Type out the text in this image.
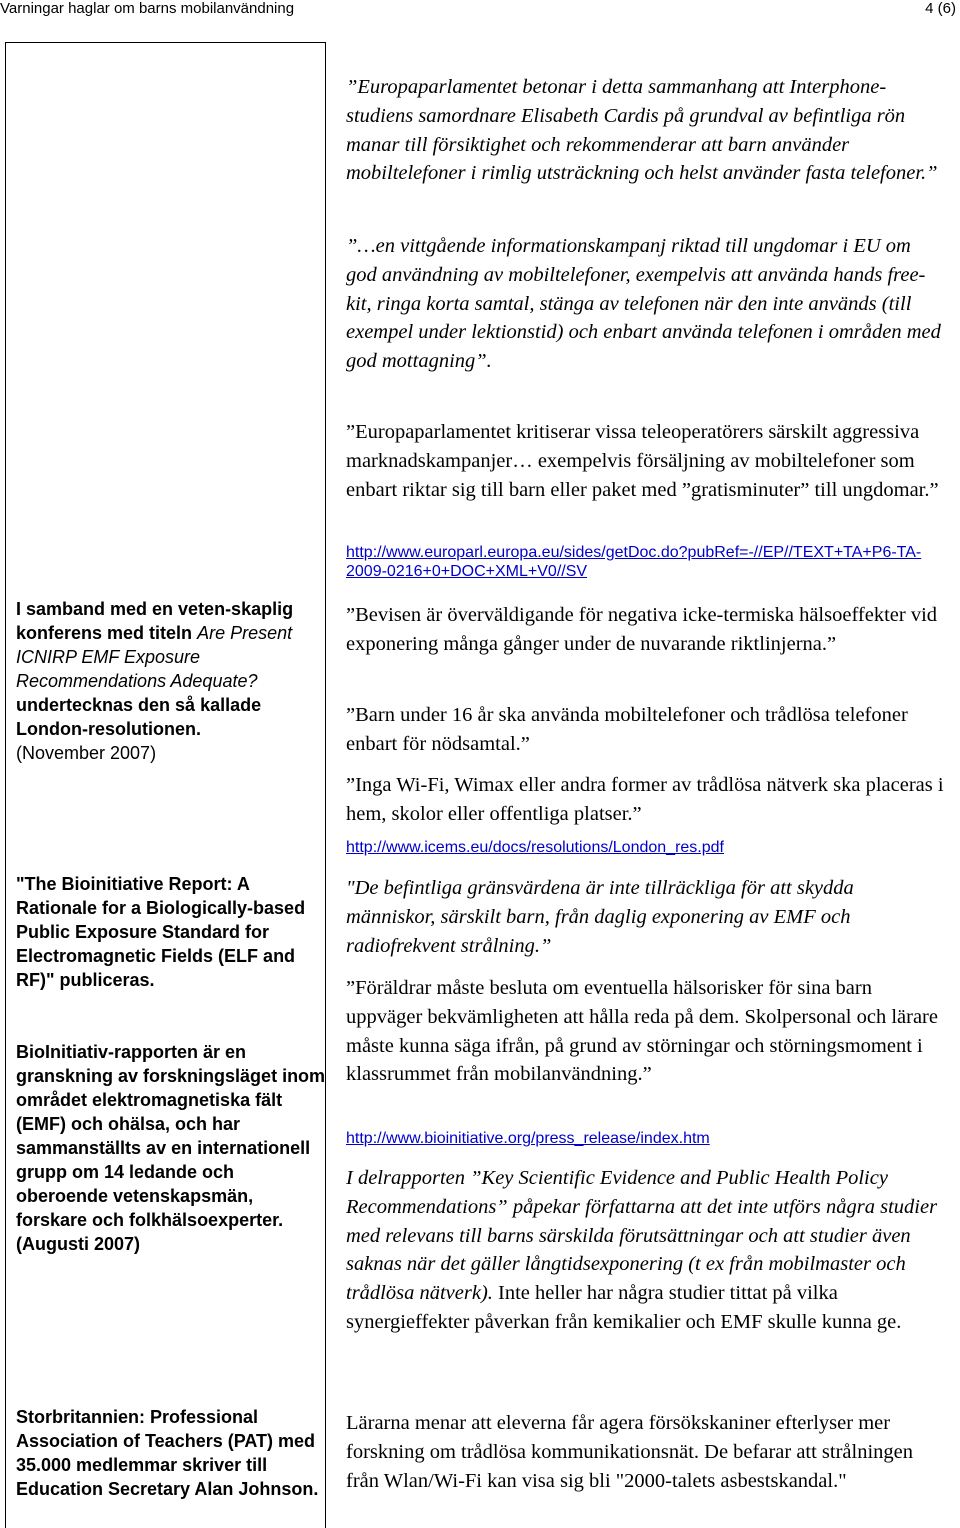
Varningar haglar om barns mobilanvändning	4 (6)
I samband med en veten-skaplig konferens med titeln Are Present ICNIRP EMF Exposure Recommendations Adequate? undertecknas den så kallade London-resolutionen.
(November 2007)
"The Bioinitiative Report: A Rationale for a Biologically-based Public Exposure Standard for Electromagnetic Fields (ELF and RF)" publiceras.
BioInitiativ-rapporten är en granskning av forskningsläget inom området elektromagnetiska fält (EMF) och ohälsa, och har sammanställts av en internationell grupp om 14 ledande och oberoende vetenskapsmän, forskare och folkhälsoexperter.
(Augusti 2007)
Storbritannien: Professional Association of Teachers (PAT) med 35.000 medlemmar skriver till Education Secretary Alan Johnson.
”Europaparlamentet betonar i detta sammanhang att Interphone-studiens samordnare Elisabeth Cardis på grundval av befintliga rön manar till försiktighet och rekommenderar att barn använder mobiltelefoner i rimlig utsträckning och helst använder fasta telefoner.”
”…en vittgående informationskampanj riktad till ungdomar i EU om god användning av mobiltelefoner, exempelvis att använda hands free-kit, ringa korta samtal, stänga av telefonen när den inte används (till exempel under lektionstid) och enbart använda telefonen i områden med god mottagning”.
”Europaparlamentet kritiserar vissa teleoperatörers särskilt aggressiva marknadskampanjer… exempelvis försäljning av mobiltelefoner som enbart riktar sig till barn eller paket med ”gratisminuter” till ungdomar.”
http://www.europarl.europa.eu/sides/getDoc.do?pubRef=-//EP//TEXT+TA+P6-TA-2009-0216+0+DOC+XML+V0//SV
”Bevisen är överväldigande för negativa icke-termiska hälsoeffekter vid exponering många gånger under de nuvarande riktlinjerna.”
”Barn under 16 år ska använda mobiltelefoner och trådlösa telefoner enbart för nödsamtal.”
”Inga Wi-Fi, Wimax eller andra former av trådlösa nätverk ska placeras i hem, skolor eller offentliga platser.”
http://www.icems.eu/docs/resolutions/London_res.pdf
"De befintliga gränsvärdena är inte tillräckliga för att skydda människor, särskilt barn, från daglig exponering av EMF och radiofrekvent strålning.”
”Föräldrar måste besluta om eventuella hälsorisker för sina barn uppväger bekvämligheten att hålla reda på dem. Skolpersonal och lärare måste kunna säga ifrån, på grund av störningar och störningsmoment i klassrummet från mobilanvändning.”
http://www.bioinitiative.org/press_release/index.htm
I delrapporten ”Key Scientific Evidence and Public Health Policy Recommendations” påpekar författarna att det inte utförs några studier med relevans till barns särskilda förutsättningar och att studier även saknas när det gäller långtidsexponering (t ex från mobilmaster och trådlösa nätverk). Inte heller har några studier tittat på vilka synergieffekter påverkan från kemikalier och EMF skulle kunna ge.
Lärarna menar att eleverna får agera försökskaniner efterlyser mer forskning om trådlösa kommunikationsnät. De befarar att strålningen från Wlan/Wi-Fi kan visa sig bli "2000-talets asbestskandal."
